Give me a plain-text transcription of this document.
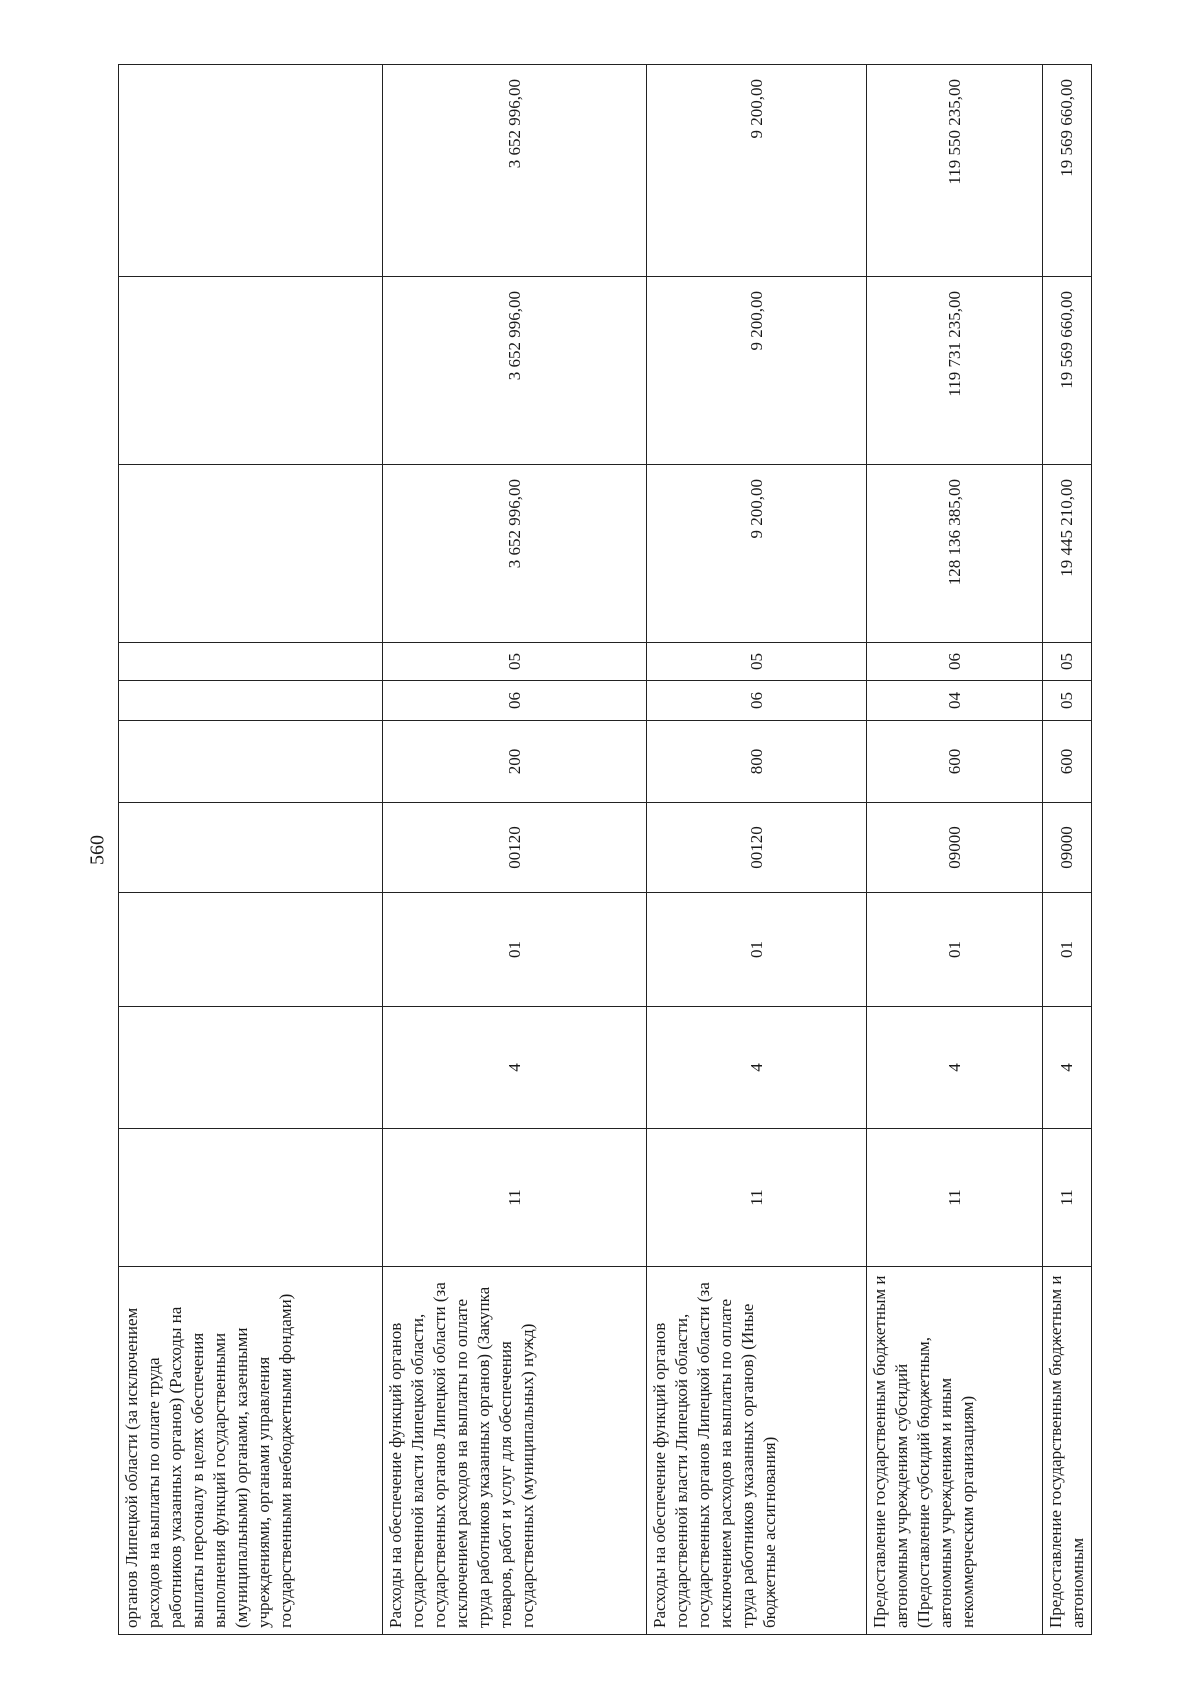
560
органов Липецкой области (за исключением расходов на выплаты по оплате труда работников указанных органов) (Расходы на выплаты персоналу в целях обеспечения выполнения функций государственными (муниципальными) органами, казенными учреждениями, органами управления государственными внебюджетными фондами)										
Расходы на обеспечение функций органов государственной власти Липецкой области, государственных органов Липецкой области (за исключением расходов на выплаты по оплате труда работников указанных органов) (Закупка товаров, работ и услуг для обеспечения государственных (муниципальных) нужд)	11	4	01	00120	200	06	05	3 652 996,00	3 652 996,00	3 652 996,00
Расходы на обеспечение функций органов государственной власти Липецкой области, государственных органов Липецкой области (за исключением расходов на выплаты по оплате труда работников указанных органов) (Иные бюджетные ассигнования)	11	4	01	00120	800	06	05	9 200,00	9 200,00	9 200,00
Предоставление государственным бюджетным и автономным учреждениям субсидий (Предоставление субсидий бюджетным, автономным учреждениям и иным некоммерческим организациям)	11	4	01	09000	600	04	06	128 136 385,00	119 731 235,00	119 550 235,00
Предоставление государственным бюджетным и автономным	11	4	01	09000	600	05	05	19 445 210,00	19 569 660,00	19 569 660,00
